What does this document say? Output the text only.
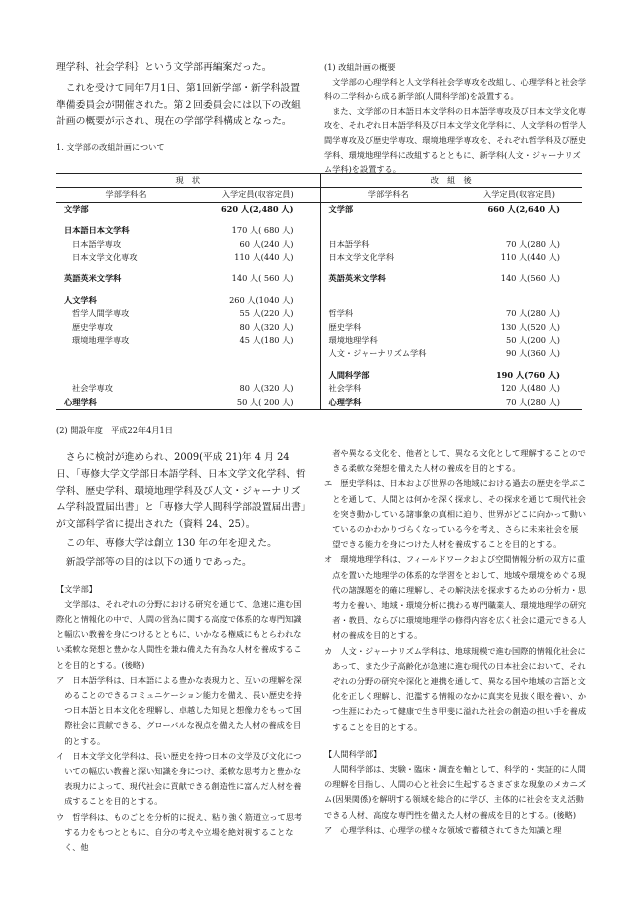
理学科、社会学科｝という文学部再編案だった。

これを受けて同年7月1日、第1回新学部・新学科設置準備委員会が開催された。第２回委員会には以下の改組計画の概要が示され、現在の学部学科構成となった。

1. 文学部の改組計画について

(1) 改組計画の概要

文学部の心理学科と人文学科社会学専攻を改組し、心理学科と社会学科の二学科から成る新学部(人間科学部)を設置する。

また、文学部の日本語日本文学科の日本語学専攻及び日本文学文化専攻を、それぞれ日本語学科及び日本文学文化学科に、人文学科の哲学人間学専攻及び歴史学専攻、環境地理学専攻を、それぞれ哲学科及び歴史学科、環境地理学科に改組するとともに、新学科(人文・ジャーナリズム学科)を設置する。

現　状		改　組　後	
学部学科名	入学定員(収容定員)	学部学科名	入学定員(収容定員)
文学部	620 人(2,480 人)	文学部	660 人(2,640 人)

日本語日本文学科	170 人( 680 人)		
日本語学専攻	60 人(240 人)	日本語学科	70 人(280 人)
日本文学文化専攻	110 人(440 人)	日本文学文化学科	110 人(440 人)

英語英米文学科	140 人( 560 人)	英語英米文学科	140 人(560 人)

人文学科	260 人(1040 人)		
哲学人間学専攻	55 人(220 人)	哲学科	70 人(280 人)
歴史学専攻	80 人(320 人)	歴史学科	130 人(520 人)
環境地理学専攻	45 人(180 人)	環境地理学科	50 人(200 人)
		人文・ジャーナリズム学科	90 人(360 人)

		人間科学部	190 人(760 人)
社会学専攻	80 人(320 人)	社会学科	120 人(480 人)
心理学科	50 人( 200 人)	心理学科	70 人(280 人)

(2) 開設年度　平成22年4月1日

さらに検討が進められ、2009(平成 21)年 4 月 24 日、「専修大学文学部日本語学科、日本文学文化学科、哲学科、歴史学科、環境地理学科及び人文・ジャーナリズム学科設置届出書」と「専修大学人間科学部設置届出書」が文部科学省に提出された（資料 24、25）。

この年、専修大学は創立 130 年の年を迎えた。

新設学部等の目的は以下の通りであった。

【文学部】

文学部は、それぞれの分野における研究を通じて、急速に進む国際化と情報化の中で、人間の営為に関する高度で体系的な専門知識と幅広い教養を身につけるとともに、いかなる権威にもとらわれない柔軟な発想と豊かな人間性を兼ね備えた有為な人材を養成することを目的とする。(後略)

ア　日本語学科は、日本語による豊かな表現力と、互いの理解を深めることのできるコミュニケーション能力を備え、長い歴史を持つ日本語と日本文化を理解し、卓越した知見と想像力をもって国際社会に貢献できる、グローバルな視点を備えた人材の養成を目的とする。

イ　日本文学文化学科は、長い歴史を持つ日本の文学及び文化についての幅広い教養と深い知識を身につけ、柔軟な思考力と豊かな表現力によって、現代社会に貢献できる創造性に富んだ人材を養成することを目的とする。

ウ　哲学科は、ものごとを分析的に捉え、粘り強く筋道立って思考する力をもつとともに、自分の考えや立場を絶対視することなく、他

者や異なる文化を、他者として、異なる文化として理解することのできる柔軟な発想を備えた人材の養成を目的とする。

エ　歴史学科は、日本および世界の各地域における過去の歴史を学ぶことを通して、人間とは何かを深く探求し、その探求を通じて現代社会を突き動かしている諸事象の真相に迫り、世界がどこに向かって動いているのかわかりづらくなっている今を考え、さらに未来社会を展望できる能力を身につけた人材を養成することを目的とする。

オ　環境地理学科は、フィールドワークおよび空間情報分析の双方に重点を置いた地理学の体系的な学習をとおして、地域や環境をめぐる現代の諸課題を的確に理解し、その解決法を探求するための分析力・思考力を養い、地域・環境分析に携わる専門職業人、環境地理学の研究者・教員、ならびに環境地理学の修得内容を広く社会に還元できる人材の養成を目的とする。

カ　人文・ジャーナリズム学科は、地球規模で進む国際的情報化社会にあって、また少子高齢化が急速に進む現代の日本社会において、それぞれの分野の研究や深化と連携を通して、異なる国や地域の言語と文化を正しく理解し、氾濫する情報のなかに真実を見抜く眼を養い、かつ生涯にわたって健康で生き甲斐に溢れた社会の創造の担い手を養成することを目的とする。

【人間科学部】

人間科学部は、実験・臨床・調査を軸として、科学的・実証的に人間の理解を目指し、人間の心と社会に生起するさまざまな現象のメカニズム(因果関係)を解明する領域を総合的に学び、主体的に社会を支え活動できる人材、高度な専門性を備えた人材の養成を目的とする。(後略)

ア　心理学科は、心理学の様々な領域で蓄積されてきた知識と理
